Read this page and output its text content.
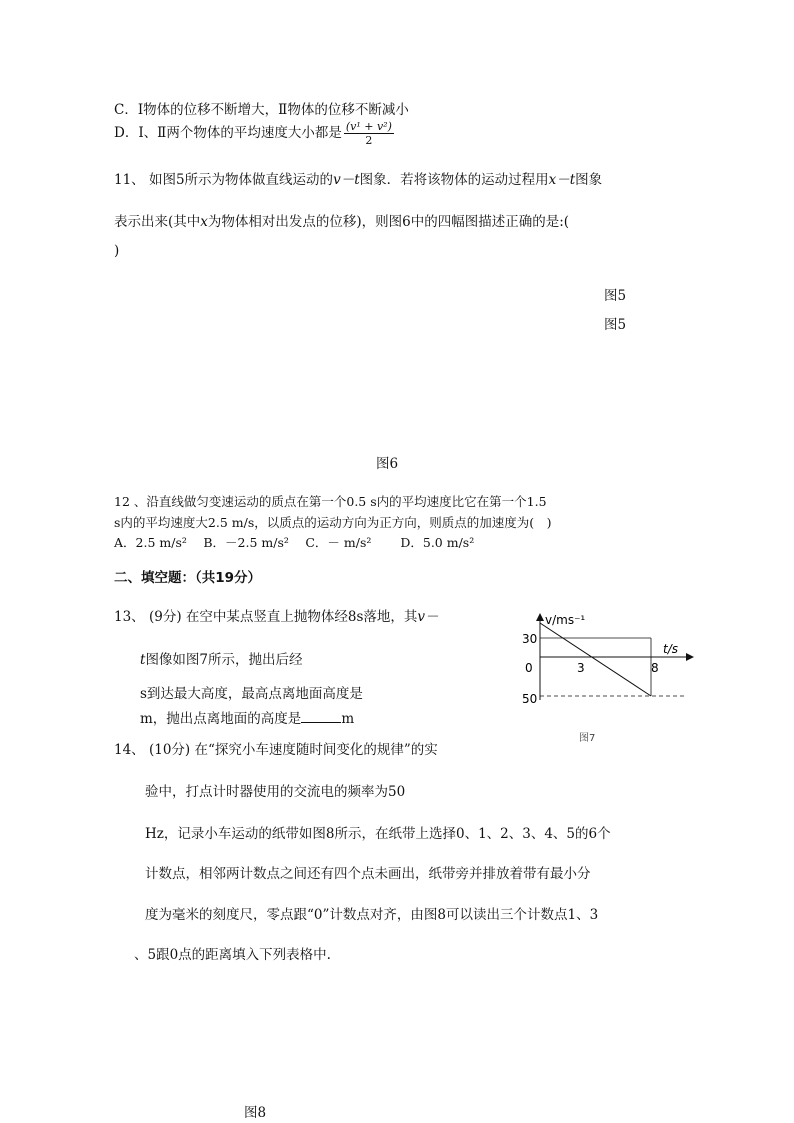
C．Ⅰ物体的位移不断增大，Ⅱ物体的位移不断减小
D．Ⅰ、Ⅱ两个物体的平均速度大小都是 $\frac{\text{(v¹ + v²)}}{2}$
11、 如图5所示为物体做直线运动的v－t图象．若将该物体的运动过程用x－t图象
表示出来(其中x为物体相对出发点的位移)，则图6中的四幅图描述正确的是:(
)
图5
图5
图6
12 、沿直线做匀变速运动的质点在第一个0.5 s内的平均速度比它在第一个1.5
s内的平均速度大2.5 m/s，以质点的运动方向为正方向，则质点的加速度为(　)
A．2.5 m/s²　 B．－2.5 m/s²　 C．－ m/s²　　 D．5.0 m/s²
二、填空题：（共19分）
13、 (9分) 在空中某点竖直上抛物体经8s落地，其v－
t图像如图7所示，抛出后经
s到达最大高度，最高点离地面高度是
m，抛出点离地面的高度是	m
v/ms⁻¹
t/s
30
0
50
3	8
图7
14、 (10分) 在“探究小车速度随时间变化的规律”的实
验中，打点计时器使用的交流电的频率为50
Hz，记录小车运动的纸带如图8所示，在纸带上选择0、1、2、3、4、5的6个
计数点，相邻两计数点之间还有四个点未画出，纸带旁并排放着带有最小分
度为毫米的刻度尺，零点跟“0”计数点对齐，由图8可以读出三个计数点1、3
、5跟0点的距离填入下列表格中.
图8
